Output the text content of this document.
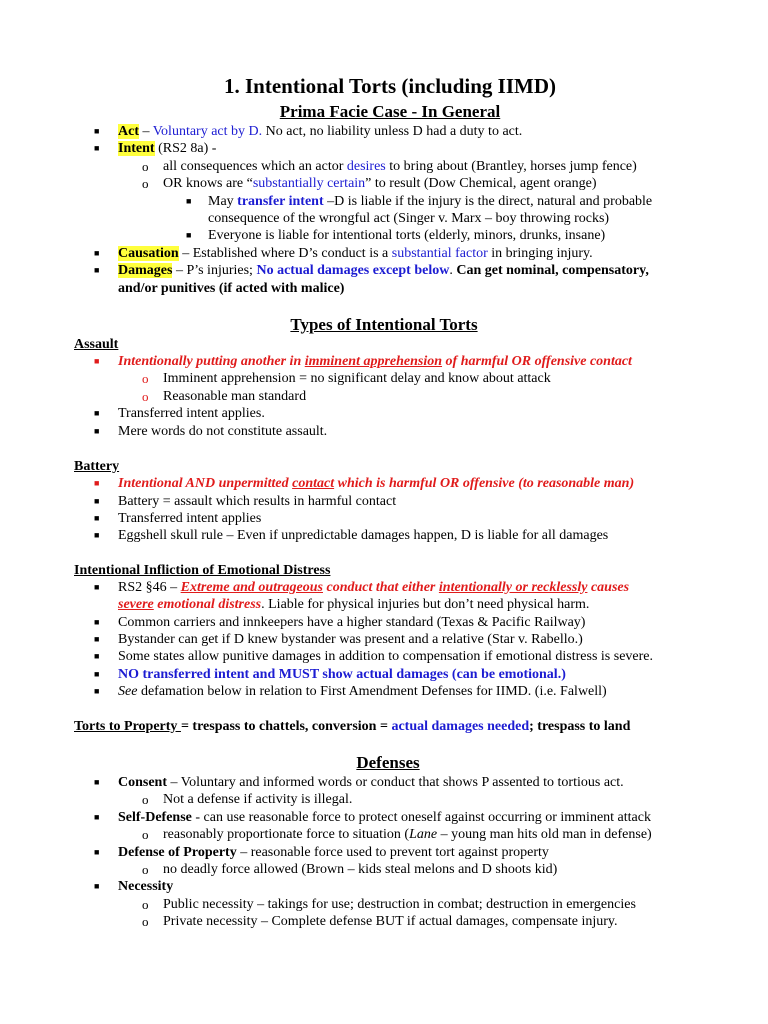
1. Intentional Torts (including IIMD)
Prima Facie Case - In General
■ Act – Voluntary act by D. No act, no liability unless D had a duty to act.
■ Intent (RS2 8a) -
o all consequences which an actor desires to bring about (Brantley, horses jump fence)
o OR knows are “substantially certain” to result (Dow Chemical, agent orange)
■ May transfer intent –D is liable if the injury is the direct, natural and probable
consequence of the wrongful act (Singer v. Marx – boy throwing rocks)
■ Everyone is liable for intentional torts (elderly, minors, drunks, insane)
■ Causation – Established where D’s conduct is a substantial factor in bringing injury.
■ Damages – P’s injuries; No actual damages except below. Can get nominal, compensatory,
and/or punitives (if acted with malice)
Types of Intentional Torts
Assault
■ Intentionally putting another in imminent apprehension of harmful OR offensive contact
o Imminent apprehension = no significant delay and know about attack
o Reasonable man standard
■ Transferred intent applies.
■ Mere words do not constitute assault.
Battery
■ Intentional AND unpermitted contact which is harmful OR offensive (to reasonable man)
■ Battery = assault which results in harmful contact
■ Transferred intent applies
■ Eggshell skull rule – Even if unpredictable damages happen, D is liable for all damages
Intentional Infliction of Emotional Distress
■ RS2 §46 – Extreme and outrageous conduct that either intentionally or recklessly causes
severe emotional distress. Liable for physical injuries but don’t need physical harm.
■ Common carriers and innkeepers have a higher standard (Texas & Pacific Railway)
■ Bystander can get if D knew bystander was present and a relative (Star v. Rabello.)
■ Some states allow punitive damages in addition to compensation if emotional distress is severe.
■ NO transferred intent and MUST show actual damages (can be emotional.)
■ See defamation below in relation to First Amendment Defenses for IIMD. (i.e. Falwell)
Torts to Property = trespass to chattels, conversion = actual damages needed; trespass to land
Defenses
■ Consent – Voluntary and informed words or conduct that shows P assented to tortious act.
o Not a defense if activity is illegal.
■ Self-Defense - can use reasonable force to protect oneself against occurring or imminent attack
o reasonably proportionate force to situation (Lane – young man hits old man in defense)
■ Defense of Property – reasonable force used to prevent tort against property
o no deadly force allowed (Brown – kids steal melons and D shoots kid)
■ Necessity
o Public necessity – takings for use; destruction in combat; destruction in emergencies
o Private necessity – Complete defense BUT if actual damages, compensate injury.
